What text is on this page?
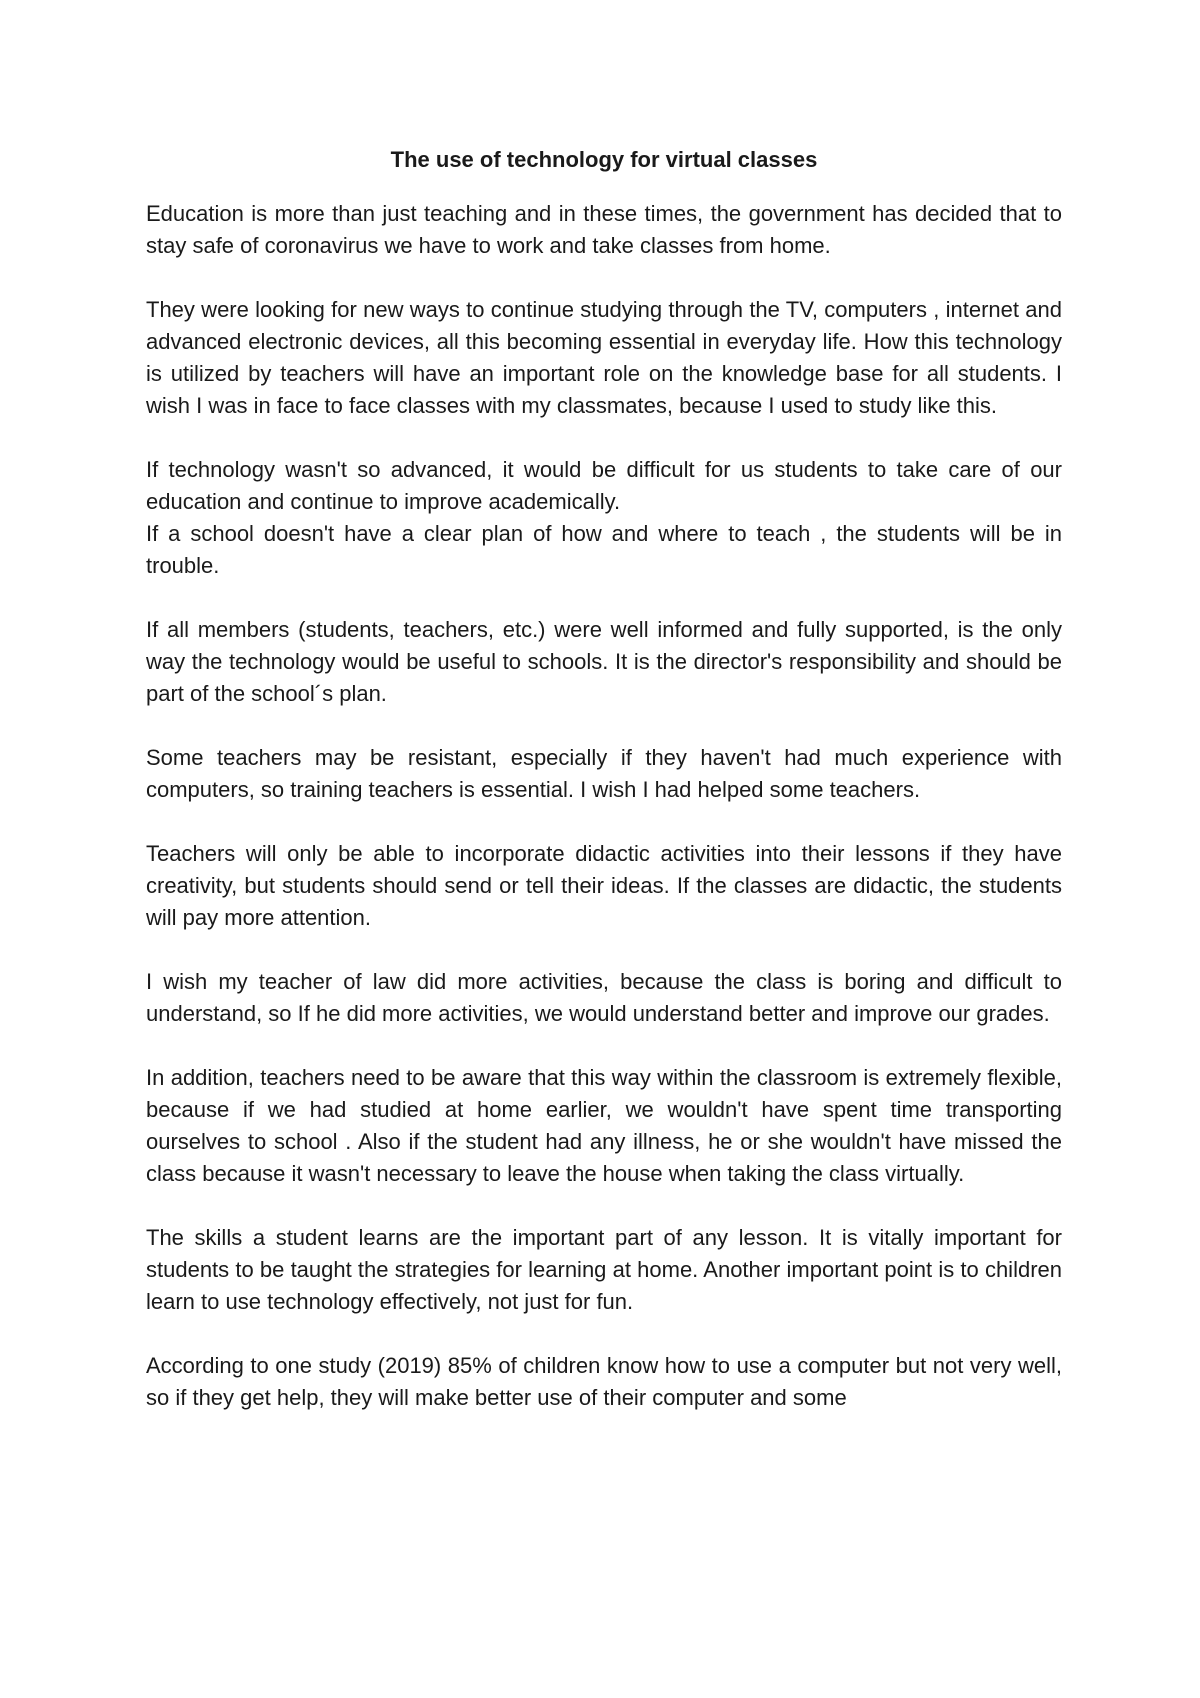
The use of technology for virtual classes

Education is more than just teaching and in these times, the government has decided that to stay safe of coronavirus we have to work and take classes from home.

They were looking for new ways to continue studying through the TV, computers , internet and advanced electronic devices, all this becoming essential in everyday life. How this technology is utilized by teachers will have an important role on the knowledge base for all students. I wish I was in face to face classes with my classmates, because I used to study like this.

If technology wasn't so advanced, it would be difficult for us students to take care of our education and continue to improve academically.
If a school doesn't have a clear plan of how and where to teach , the students will be in trouble.

If all members (students, teachers, etc.) were well informed and fully supported, is the only way the technology would be useful to schools. It is the director's responsibility and should be part of the school´s plan.

Some teachers may be resistant, especially if they haven't had much experience with computers, so training teachers is essential. I wish I had helped some teachers.

Teachers will only be able to incorporate didactic activities into their lessons if they have creativity, but students should send or tell their ideas. If the classes are didactic, the students will pay more attention.

I wish my teacher of law did more activities, because the class is boring and difficult to understand, so If he did more activities, we would understand better and improve our grades.

In addition, teachers need to be aware that this way within the classroom is extremely flexible, because if we had studied at home earlier, we wouldn't have spent time transporting ourselves to school . Also if the student had any illness, he or she wouldn't have missed the class because it wasn't necessary to leave the house when taking the class virtually.

The skills a student learns are the important part of any lesson. It is vitally important for students to be taught the strategies for learning at home. Another important point is to children learn to use technology effectively, not just for fun.

According to one study (2019) 85% of children know how to use a computer but not very well, so if they get help, they will make better use of their computer and some
